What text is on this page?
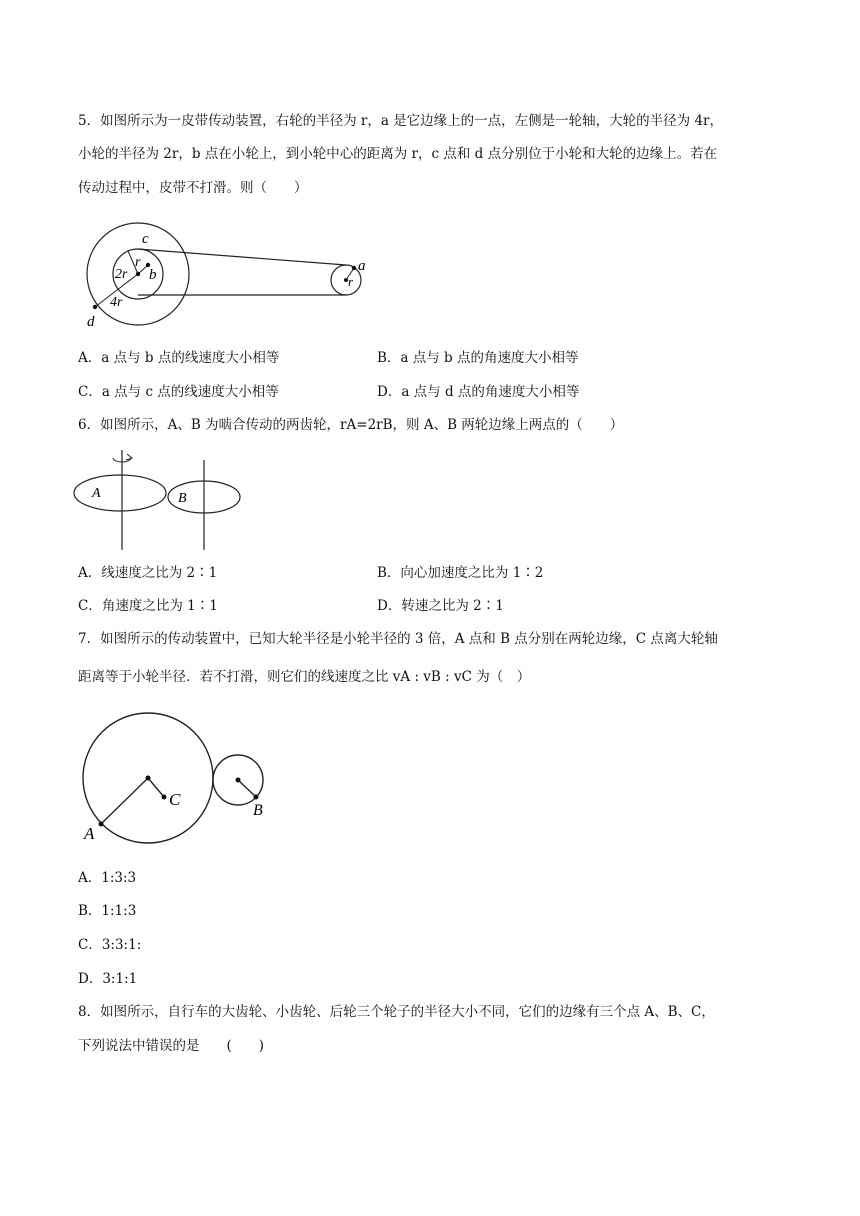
5．如图所示为一皮带传动装置，右轮的半径为 r，a 是它边缘上的一点，左侧是一轮轴，大轮的半径为 4r，
小轮的半径为 2r，b 点在小轮上，到小轮中心的距离为 r，c 点和 d 点分别位于小轮和大轮的边缘上。若在
传动过程中，皮带不打滑。则（　　）
c
r
2r b
4r
d
a
r
A．a 点与 b 点的线速度大小相等	B．a 点与 b 点的角速度大小相等
C．a 点与 c 点的线速度大小相等	D．a 点与 d 点的角速度大小相等
6．如图所示，A、B 为啮合传动的两齿轮，rA=2rB，则 A、B 两轮边缘上两点的（　　）
A	B
A．线速度之比为 2∶1	B．向心加速度之比为 1∶2
C．角速度之比为 1∶1	D．转速之比为 2∶1
7．如图所示的传动装置中，已知大轮半径是小轮半径的 3 倍，A 点和 B 点分别在两轮边缘，C 点离大轮轴
距离等于小轮半径．若不打滑，则它们的线速度之比 vA : vB : vC 为（　）
C
A
B
A．1:3:3
B．1:1:3
C．3:3:1:
D．3:1:1
8．如图所示，自行车的大齿轮、小齿轮、后轮三个轮子的半径大小不同，它们的边缘有三个点 A、B、C，
下列说法中错误的是　　(　　)
